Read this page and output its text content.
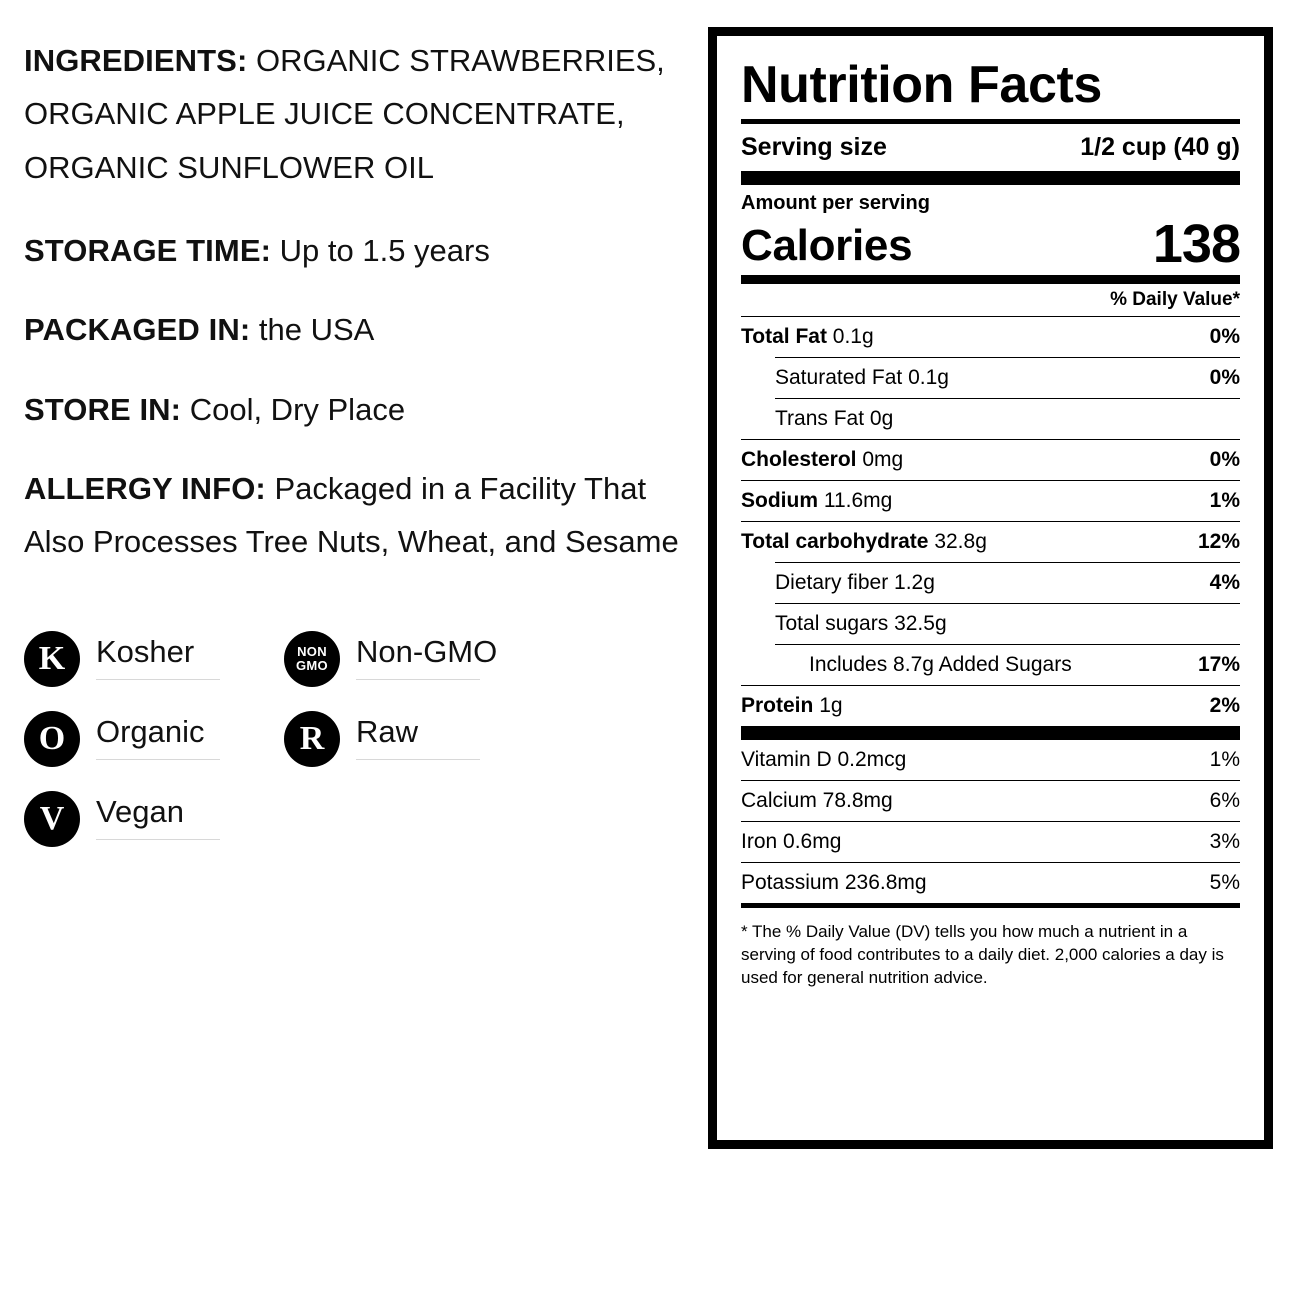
INGREDIENTS: ORGANIC STRAWBERRIES, ORGANIC APPLE JUICE CONCENTRATE, ORGANIC SUNFLOWER OIL
STORAGE TIME: Up to 1.5 years
PACKAGED IN: the USA
STORE IN: Cool, Dry Place
ALLERGY INFO: Packaged in a Facility That Also Processes Tree Nuts, Wheat, and Sesame
K Kosher	NON
GMO Non-GMO
O Organic	R Raw
V Vegan
Nutrition Facts
Serving size	1/2 cup (40 g)
Amount per serving
Calories	138
% Daily Value*
Total Fat 0.1g	0%
Saturated Fat 0.1g	0%
Trans Fat 0g
Cholesterol 0mg	0%
Sodium 11.6mg	1%
Total carbohydrate 32.8g	12%
Dietary fiber 1.2g	4%
Total sugars 32.5g
Includes 8.7g Added Sugars	17%
Protein 1g	2%
Vitamin D 0.2mcg	1%
Calcium 78.8mg	6%
Iron 0.6mg	3%
Potassium 236.8mg	5%
* The % Daily Value (DV) tells you how much a nutrient in a serving of food contributes to a daily diet. 2,000 calories a day is used for general nutrition advice.
